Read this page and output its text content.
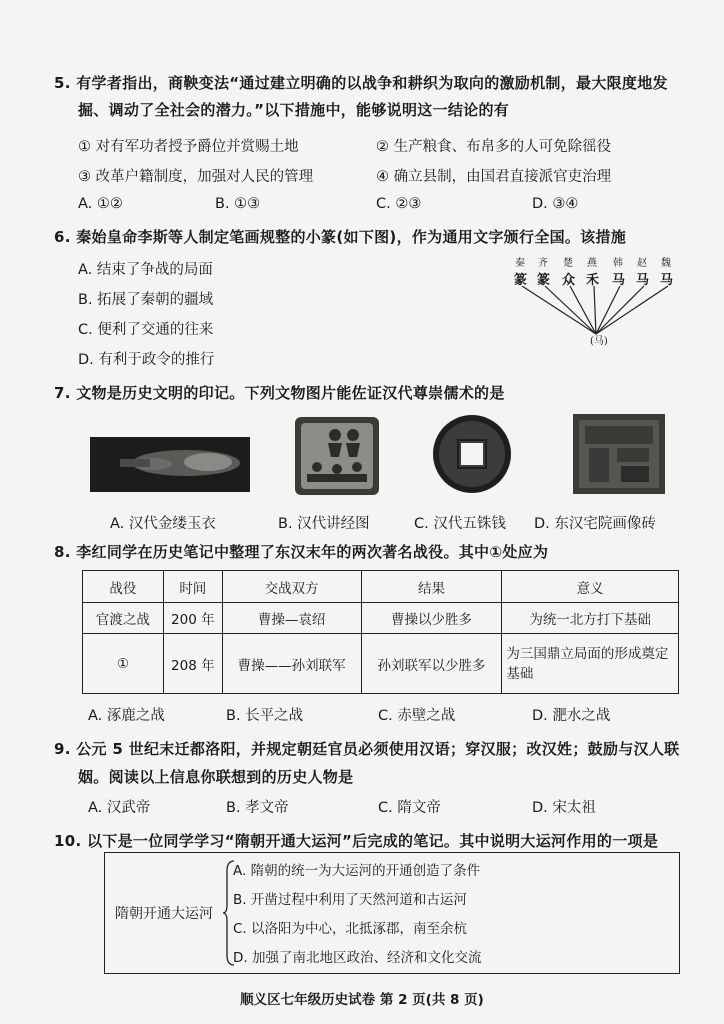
5. 有学者指出，商鞅变法“通过建立明确的以战争和耕织为取向的激励机制，最大限度地发
掘、调动了全社会的潜力。”以下措施中，能够说明这一结论的有
① 对有军功者授予爵位并赏赐土地	② 生产粮食、布帛多的人可免除徭役
③ 改革户籍制度，加强对人民的管理	④ 确立县制，由国君直接派官吏治理
A. ①②	B. ①③	C. ②③	D. ③④
6. 秦始皇命李斯等人制定笔画规整的小篆(如下图)，作为通用文字颁行全国。该措施
A. 结束了争战的局面
B. 拓展了秦朝的疆域
C. 便利了交通的往来
D. 有利于政令的推行
秦 齐 楚 燕 韩 赵 魏
篆 篆 众 禾 马 马 马
(马)
7. 文物是历史文明的印记。下列文物图片能佐证汉代尊崇儒术的是
A. 汉代金缕玉衣	B. 汉代讲经图	C. 汉代五铢钱 D. 东汉宅院画像砖
8. 李红同学在历史笔记中整理了东汉末年的两次著名战役。其中①处应为
战役	时间	交战双方	结果	意义
官渡之战	200 年	曹操—袁绍	曹操以少胜多	为统一北方打下基础
①	208 年	曹操——孙刘联军	孙刘联军以少胜多	为三国鼎立局面的形成奠定基础
A. 涿鹿之战	B. 长平之战	C. 赤壁之战	D. 淝水之战
9. 公元 5 世纪末迁都洛阳，并规定朝廷官员必须使用汉语；穿汉服；改汉姓；鼓励与汉人联
姻。阅读以上信息你联想到的历史人物是
A. 汉武帝	B. 孝文帝	C. 隋文帝	D. 宋太祖
10. 以下是一位同学学习“隋朝开通大运河”后完成的笔记。其中说明大运河作用的一项是
隋朝开通大运河
A. 隋朝的统一为大运河的开通创造了条件
B. 开凿过程中利用了天然河道和古运河
C. 以洛阳为中心，北抵涿郡，南至余杭
D. 加强了南北地区政治、经济和文化交流
顺义区七年级历史试卷 第 2 页(共 8 页)
